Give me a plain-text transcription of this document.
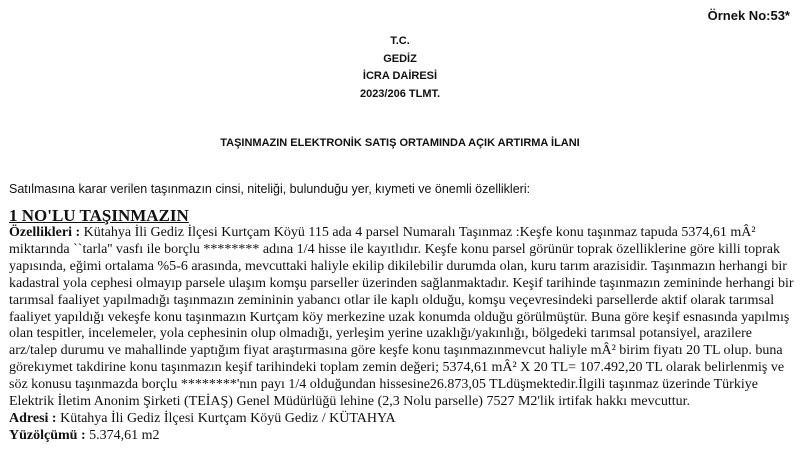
Örnek No:53*
T.C.
GEDİZ
İCRA DAİRESİ
2023/206 TLMT.
TAŞINMAZIN ELEKTRONİK SATIŞ ORTAMINDA AÇIK ARTIRMA İLANI
Satılmasına karar verilen taşınmazın cinsi, niteliği, bulunduğu yer, kıymeti ve önemli özellikleri:
1 NO'LU TAŞINMAZIN

Özellikleri : Kütahya İli Gediz İlçesi Kurtçam Köyü 115 ada 4 parsel Numaralı Taşınmaz :Keşfe konu taşınmaz tapuda 5374,61 mÂ² miktarında ``tarla'' vasfı ile borçlu ******** adına 1/4 hisse ile kayıtlıdır. Keşfe konu parsel görünür toprak özelliklerine göre killi toprak yapısında, eğimi ortalama %5-6 arasında, mevcuttaki haliyle ekilip dikilebilir durumda olan, kuru tarım arazisidir. Taşınmazın herhangi bir kadastral yola cephesi olmayıp parsele ulaşım komşu parseller üzerinden sağlanmaktadır. Keşif tarihinde taşınmazın zemininde herhangi bir tarımsal faaliyet yapılmadığı taşınmazın zemininin yabancı otlar ile kaplı olduğu, komşu veçevresindeki parsellerde aktif olarak tarımsal faaliyet yapıldığı vekeşfe konu taşınmazın Kurtçam köy merkezine uzak konumda olduğu görülmüştür. Buna göre keşif esnasında yapılmış olan tespitler, incelemeler, yola cephesinin olup olmadığı, yerleşim yerine uzaklığı/yakınlığı, bölgedeki tarımsal potansiyel, arazilere arz/talep durumu ve mahallinde yaptığım fiyat araştırmasına göre keşfe konu taşınmazınmevcut haliyle mÂ² birim fiyatı 20 TL olup. buna görekıymet takdirine konu taşınmazın keşif tarihindeki toplam zemin değeri; 5374,61 mÂ² X 20 TL= 107.492,20 TL olarak belirlenmiş ve söz konusu taşınmazda borçlu ********'nın payı 1/4 olduğundan hissesine26.873,05 TLdüşmektedir.İlgili taşınmaz üzerinde Türkiye Elektrik İletim Anonim Şirketi (TEİAŞ) Genel Müdürlüğü lehine (2,3 Nolu parselle) 7527 M2'lik irtifak hakkı mevcuttur.

Adresi : Kütahya İli Gediz İlçesi Kurtçam Köyü Gediz / KÜTAHYA

Yüzölçümü : 5.374,61 m2
